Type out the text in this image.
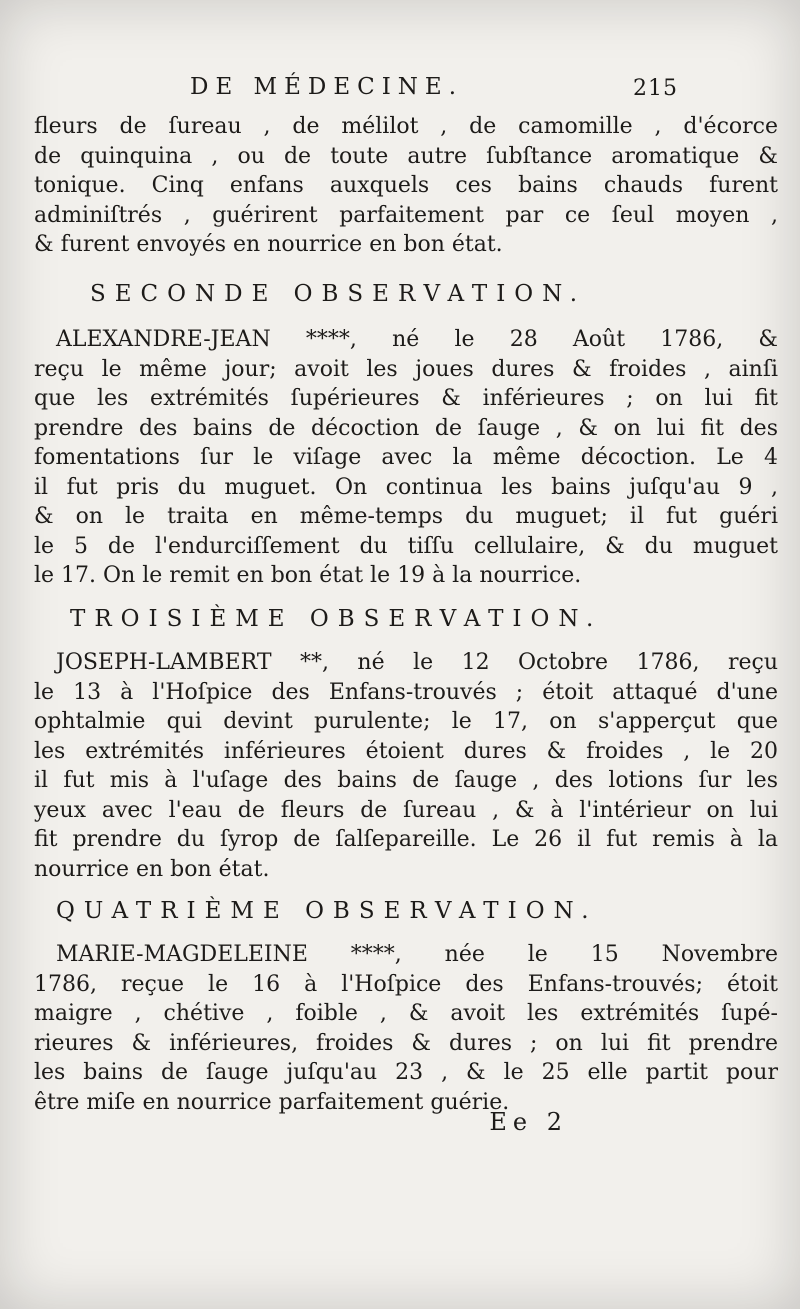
DE MÉDECINE.	215
fleurs de ſureau , de mélilot , de camomille , d'écorce
de quinquina , ou de toute autre ſubſtance aromatique &
tonique. Cinq enfans auxquels ces bains chauds furent
adminiſtrés , guérirent parfaitement par ce ſeul moyen ,
& furent envoyés en nourrice en bon état.
SECONDE OBSERVATION.
ALEXANDRE-JEAN ****, né le 28 Août 1786, &
reçu le même jour; avoit les joues dures & froides , ainſi
que les extrémités ſupérieures & inférieures ; on lui fit
prendre des bains de décoction de ſauge , & on lui fit des
fomentations ſur le viſage avec la même décoction. Le 4
il fut pris du muguet. On continua les bains juſqu'au 9 ,
& on le traita en même-temps du muguet; il fut guéri
le 5 de l'endurciſſement du tiſſu cellulaire, & du muguet
le 17. On le remit en bon état le 19 à la nourrice.
TROISIÈME OBSERVATION.
JOSEPH-LAMBERT **, né le 12 Octobre 1786, reçu
le 13 à l'Hoſpice des Enfans-trouvés ; étoit attaqué d'une
ophtalmie qui devint purulente; le 17, on s'apperçut que
les extrémités inférieures étoient dures & froides , le 20
il fut mis à l'uſage des bains de ſauge , des lotions ſur les
yeux avec l'eau de fleurs de ſureau , & à l'intérieur on lui
fit prendre du ſyrop de ſalſepareille. Le 26 il fut remis à la
nourrice en bon état.
QUATRIÈME OBSERVATION.
MARIE-MAGDELEINE ****, née le 15 Novembre
1786, reçue le 16 à l'Hoſpice des Enfans-trouvés; étoit
maigre , chétive , foible , & avoit les extrémités ſupé-
rieures & inférieures, froides & dures ; on lui fit prendre
les bains de ſauge juſqu'au 23 , & le 25 elle partit pour
être miſe en nourrice parfaitement guérie.
Ee 2
